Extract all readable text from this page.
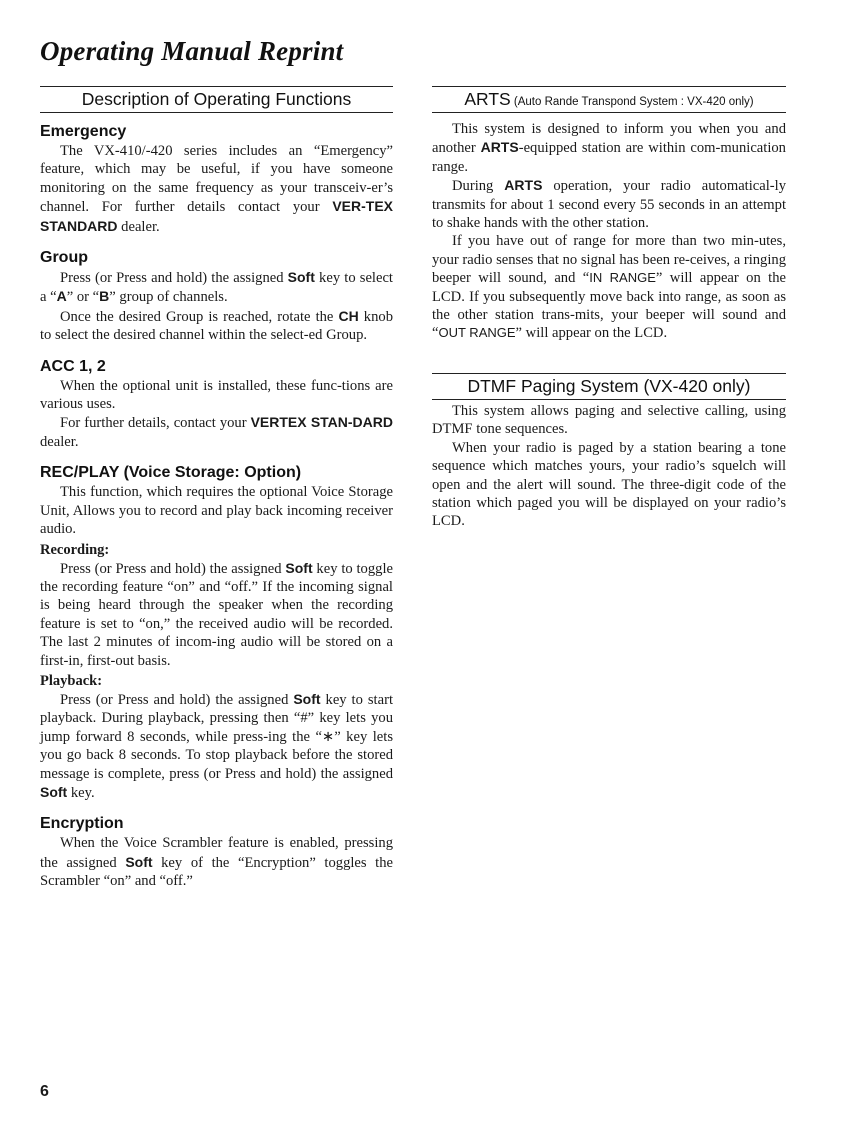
Operating Manual Reprint
Description of Operating Functions
Emergency

The VX-410/-420 series includes an “Emergency” feature, which may be useful, if you have someone monitoring on the same frequency as your transceiv-er’s channel. For further details contact your VER-TEX STANDARD dealer.

Group

Press (or Press and hold) the assigned Soft key to select a “A” or “B” group of channels.

Once the desired Group is reached, rotate the CH knob to select the desired channel within the select-ed Group.

ACC 1, 2

When the optional unit is installed, these func-tions are various uses.

For further details, contact your VERTEX STAN-DARD dealer.

REC/PLAY (Voice Storage: Option)

This function, which requires the optional Voice Storage Unit, Allows you to record and play back incoming receiver audio.

Recording:

Press (or Press and hold) the assigned Soft key to toggle the recording feature “on” and “off.” If the incoming signal is being heard through the speaker when the recording feature is set to “on,” the received audio will be recorded. The last 2 minutes of incom-ing audio will be stored on a first-in, first-out basis.

Playback:

Press (or Press and hold) the assigned Soft key to start playback. During playback, pressing then “#” key lets you jump forward 8 seconds, while press-ing the “∗” key lets you go back 8 seconds. To stop playback before the stored message is complete, press (or Press and hold) the assigned Soft key.

Encryption

When the Voice Scrambler feature is enabled, pressing the assigned Soft key of the “Encryption” toggles the Scrambler “on” and “off.”

ARTS (Auto Rande Transpond System : VX-420 only)

This system is designed to inform you when you and another ARTS-equipped station are within com-munication range.

During ARTS operation, your radio automatical-ly transmits for about 1 second every 55 seconds in an attempt to shake hands with the other station.

If you have out of range for more than two min-utes, your radio senses that no signal has been re-ceives, a ringing beeper will sound, and “IN RANGE” will appear on the LCD. If you subsequently move back into range, as soon as the other station trans-mits, your beeper will sound and “OUT RANGE” will appear on the LCD.

DTMF Paging System (VX-420 only)

This system allows paging and selective calling, using DTMF tone sequences.

When your radio is paged by a station bearing a tone sequence which matches yours, your radio’s squelch will open and the alert will sound. The three-digit code of the station which paged you will be displayed on your radio’s LCD.

6
